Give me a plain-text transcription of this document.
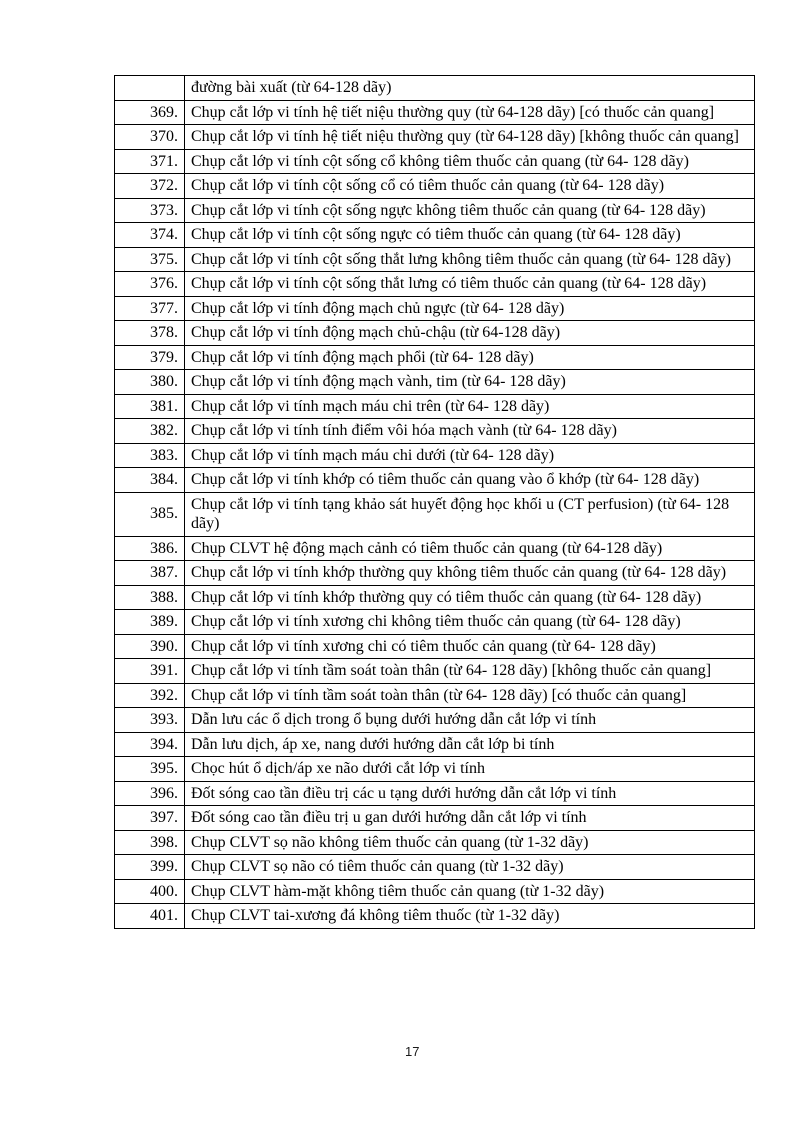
	đường bài xuất (từ 64-128 dãy)
369.	Chụp cắt lớp vi tính hệ tiết niệu thường quy (từ 64-128 dãy) [có thuốc cản quang]
370.	Chụp cắt lớp vi tính hệ tiết niệu thường quy (từ 64-128 dãy) [không thuốc cản quang]
371.	Chụp cắt lớp vi tính cột sống cổ không tiêm thuốc cản quang (từ 64- 128 dãy)
372.	Chụp cắt lớp vi tính cột sống cổ có tiêm thuốc cản quang (từ 64- 128 dãy)
373.	Chụp cắt lớp vi tính cột sống ngực không tiêm thuốc cản quang (từ 64- 128 dãy)
374.	Chụp cắt lớp vi tính cột sống ngực có tiêm thuốc cản quang (từ 64- 128 dãy)
375.	Chụp cắt lớp vi tính cột sống thắt lưng không tiêm thuốc cản quang (từ 64- 128 dãy)
376.	Chụp cắt lớp vi tính cột sống thắt lưng có tiêm thuốc cản quang (từ 64- 128 dãy)
377.	Chụp cắt lớp vi tính động mạch chủ ngực (từ 64- 128 dãy)
378.	Chụp cắt lớp vi tính động mạch chủ-chậu (từ 64-128 dãy)
379.	Chụp cắt lớp vi tính động mạch phổi (từ 64- 128 dãy)
380.	Chụp cắt lớp vi tính động mạch vành, tim (từ 64- 128 dãy)
381.	Chụp cắt lớp vi tính mạch máu chi trên (từ 64- 128 dãy)
382.	Chụp cắt lớp vi tính tính điểm vôi hóa mạch vành (từ 64- 128 dãy)
383.	Chụp cắt lớp vi tính mạch máu chi dưới (từ 64- 128 dãy)
384.	Chụp cắt lớp vi tính khớp có tiêm thuốc cản quang vào ổ khớp (từ 64- 128 dãy)
385.	Chụp cắt lớp vi tính tạng khảo sát huyết động học khối u (CT perfusion) (từ 64- 128 dãy)
386.	Chụp CLVT hệ động mạch cảnh có tiêm thuốc cản quang (từ 64-128 dãy)
387.	Chụp cắt lớp vi tính khớp thường quy không tiêm thuốc cản quang (từ 64- 128 dãy)
388.	Chụp cắt lớp vi tính khớp thường quy có tiêm thuốc cản quang (từ 64- 128 dãy)
389.	Chụp cắt lớp vi tính xương chi không tiêm thuốc cản quang (từ 64- 128 dãy)
390.	Chụp cắt lớp vi tính xương chi có tiêm thuốc cản quang (từ 64- 128 dãy)
391.	Chụp cắt lớp vi tính tầm soát toàn thân (từ 64- 128 dãy) [không thuốc cản quang]
392.	Chụp cắt lớp vi tính tầm soát toàn thân (từ 64- 128 dãy) [có thuốc cản quang]
393.	Dẫn lưu các ổ dịch trong ổ bụng dưới hướng dẫn cắt lớp vi tính
394.	Dẫn lưu dịch, áp xe, nang dưới hướng dẫn cắt lớp bi tính
395.	Chọc hút ổ dịch/áp xe não dưới cắt lớp vi tính
396.	Đốt sóng cao tần điều trị các u tạng dưới hướng dẫn cắt lớp vi tính
397.	Đốt sóng cao tần điều trị u gan dưới hướng dẫn cắt lớp vi tính
398.	Chụp CLVT sọ não không tiêm thuốc cản quang (từ 1-32 dãy)
399.	Chụp CLVT sọ não có tiêm thuốc cản quang (từ 1-32 dãy)
400.	Chụp CLVT hàm-mặt không tiêm thuốc cản quang (từ 1-32 dãy)
401.	Chụp CLVT tai-xương đá không tiêm thuốc (từ 1-32 dãy)
17
